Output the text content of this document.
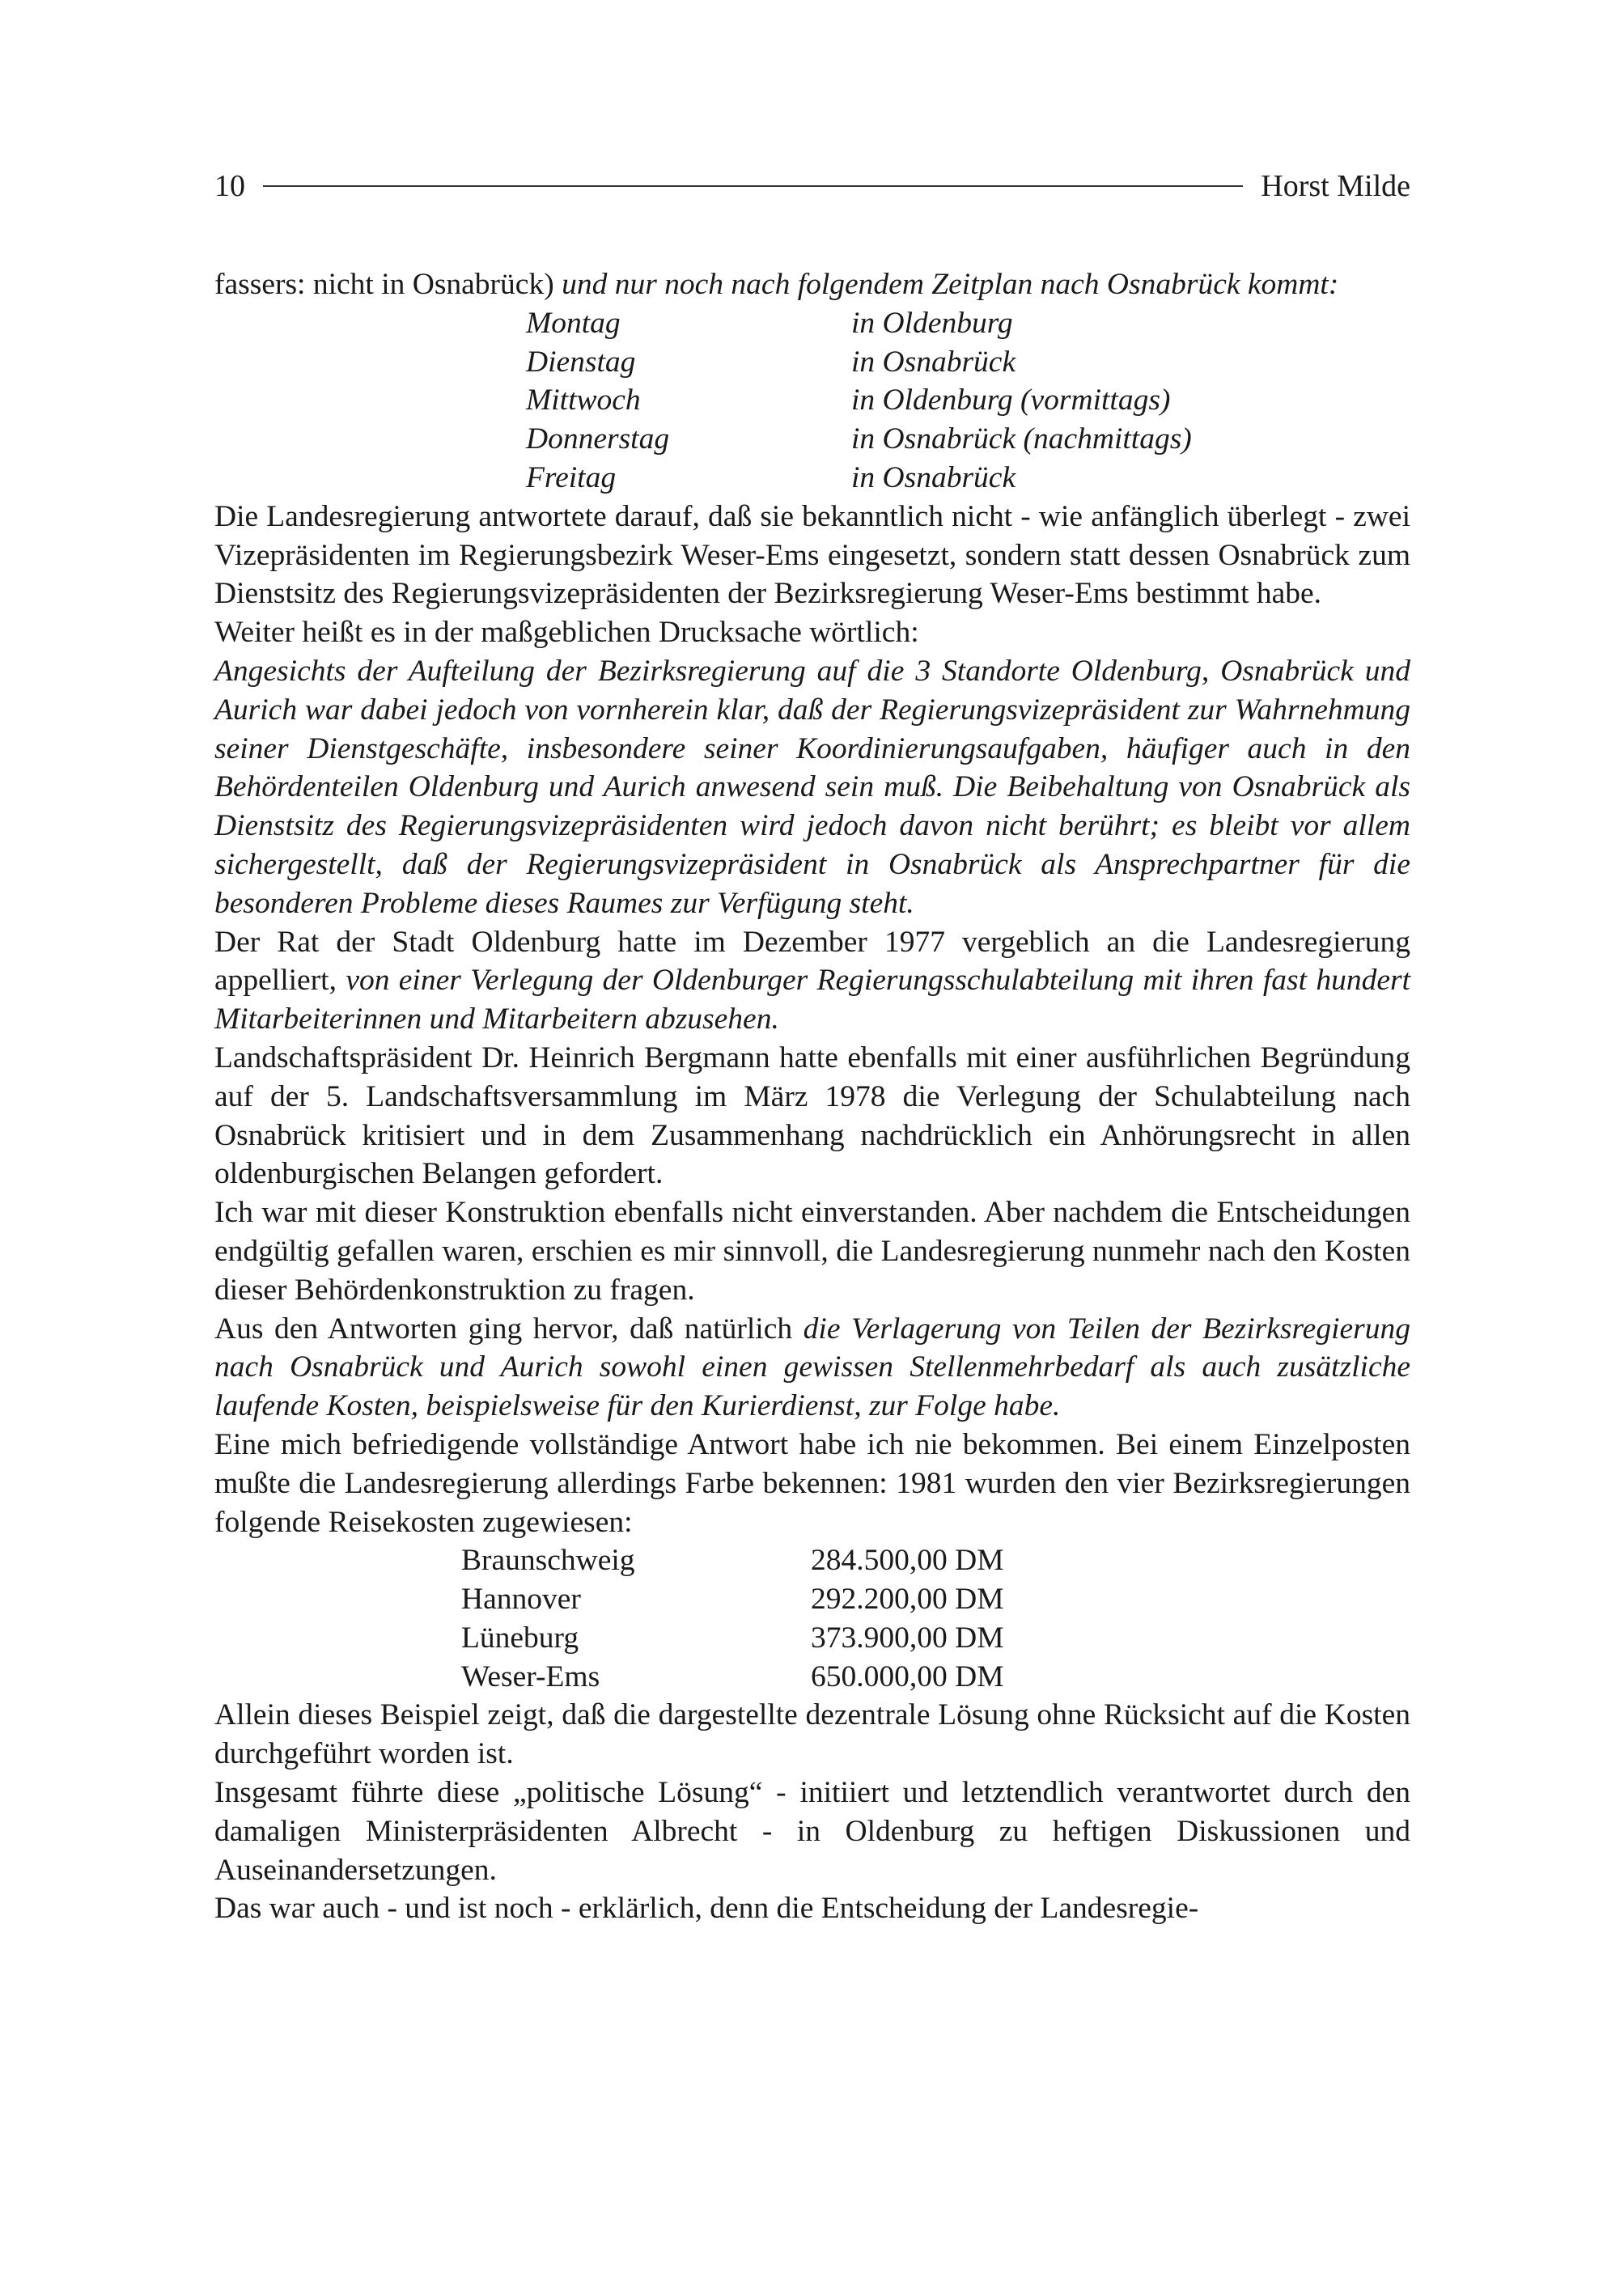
10	Horst Milde

fassers: nicht in Osnabrück) und nur noch nach folgendem Zeitplan nach Osnabrück kommt:

Montag	in Oldenburg
Dienstag	in Osnabrück
Mittwoch	in Oldenburg (vormittags)
Donnerstag	in Osnabrück (nachmittags)
Freitag	in Osnabrück

Die Landesregierung antwortete darauf, daß sie bekanntlich nicht - wie anfänglich überlegt - zwei Vizepräsidenten im Regierungsbezirk Weser-Ems eingesetzt, sondern statt dessen Osnabrück zum Dienstsitz des Regierungsvizepräsidenten der Bezirksregierung Weser-Ems bestimmt habe.

Weiter heißt es in der maßgeblichen Drucksache wörtlich:

Angesichts der Aufteilung der Bezirksregierung auf die 3 Standorte Oldenburg, Osnabrück und Aurich war dabei jedoch von vornherein klar, daß der Regierungsvizepräsident zur Wahrnehmung seiner Dienstgeschäfte, insbesondere seiner Koordinierungsaufgaben, häufiger auch in den Behördenteilen Oldenburg und Aurich anwesend sein muß. Die Beibehaltung von Osnabrück als Dienstsitz des Regierungsvizepräsidenten wird jedoch davon nicht berührt; es bleibt vor allem sichergestellt, daß der Regierungsvizepräsident in Osnabrück als Ansprechpartner für die besonderen Probleme dieses Raumes zur Verfügung steht.

Der Rat der Stadt Oldenburg hatte im Dezember 1977 vergeblich an die Landesregierung appelliert, von einer Verlegung der Oldenburger Regierungsschulabteilung mit ihren fast hundert Mitarbeiterinnen und Mitarbeitern abzusehen.

Landschaftspräsident Dr. Heinrich Bergmann hatte ebenfalls mit einer ausführlichen Begründung auf der 5. Landschaftsversammlung im März 1978 die Verlegung der Schulabteilung nach Osnabrück kritisiert und in dem Zusammenhang nachdrücklich ein Anhörungsrecht in allen oldenburgischen Belangen gefordert.

Ich war mit dieser Konstruktion ebenfalls nicht einverstanden. Aber nachdem die Entscheidungen endgültig gefallen waren, erschien es mir sinnvoll, die Landesregierung nunmehr nach den Kosten dieser Behördenkonstruktion zu fragen.

Aus den Antworten ging hervor, daß natürlich die Verlagerung von Teilen der Bezirksregierung nach Osnabrück und Aurich sowohl einen gewissen Stellenmehrbedarf als auch zusätzliche laufende Kosten, beispielsweise für den Kurierdienst, zur Folge habe.

Eine mich befriedigende vollständige Antwort habe ich nie bekommen. Bei einem Einzelposten mußte die Landesregierung allerdings Farbe bekennen: 1981 wurden den vier Bezirksregierungen folgende Reisekosten zugewiesen:

Braunschweig	284.500,00 DM
Hannover	292.200,00 DM
Lüneburg	373.900,00 DM
Weser-Ems	650.000,00 DM

Allein dieses Beispiel zeigt, daß die dargestellte dezentrale Lösung ohne Rücksicht auf die Kosten durchgeführt worden ist.

Insgesamt führte diese „politische Lösung“ - initiiert und letztendlich verantwortet durch den damaligen Ministerpräsidenten Albrecht - in Oldenburg zu heftigen Diskussionen und Auseinandersetzungen.

Das war auch - und ist noch - erklärlich, denn die Entscheidung der Landesregie-
